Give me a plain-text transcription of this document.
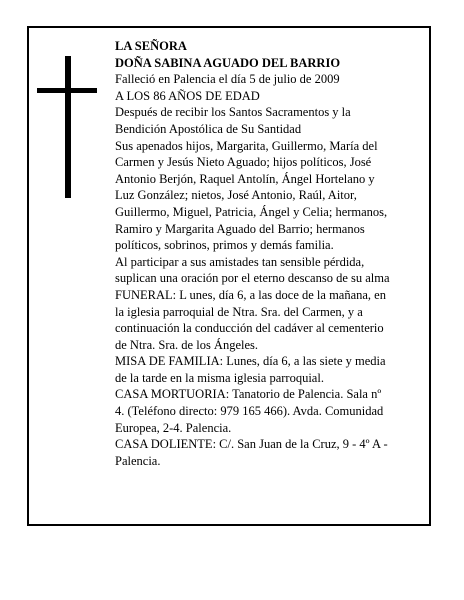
LA SEÑORA
DOÑA SABINA AGUADO DEL BARRIO
Falleció en Palencia el día 5 de julio de 2009
A LOS 86 AÑOS DE EDAD
Después de recibir los Santos Sacramentos y la
Bendición Apostólica de Su Santidad
Sus apenados hijos, Margarita, Guillermo, María del
Carmen y Jesús Nieto Aguado; hijos políticos, José
Antonio Berjón, Raquel Antolín, Ángel Hortelano y
Luz González; nietos, José Antonio, Raúl, Aitor,
Guillermo, Miguel, Patricia, Ángel y Celia; hermanos,
Ramiro y Margarita Aguado del Barrio; hermanos
políticos, sobrinos, primos y demás familia.
Al participar a sus amistades tan sensible pérdida,
suplican una oración por el eterno descanso de su alma
FUNERAL: L unes, día 6, a las doce de la mañana, en
la iglesia parroquial de Ntra. Sra. del Carmen, y a
continuación la conducción del cadáver al cementerio
de Ntra. Sra. de los Ángeles.
MISA DE FAMILIA: Lunes, día 6, a las siete y media
de la tarde en la misma iglesia parroquial.
CASA MORTUORIA: Tanatorio de Palencia. Sala nº
4. (Teléfono directo: 979 165 466). Avda. Comunidad
Europea, 2-4. Palencia.
CASA DOLIENTE: C/. San Juan de la Cruz, 9 - 4º A -
Palencia.
